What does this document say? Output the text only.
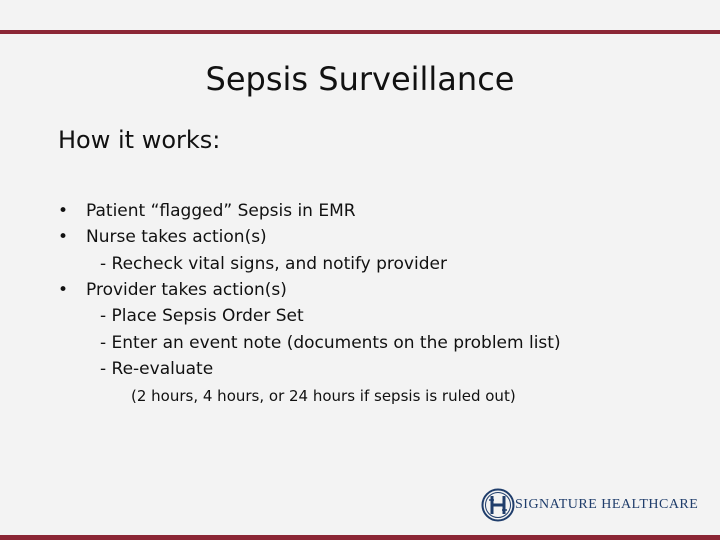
Sepsis Surveillance
How it works:
• Patient “flagged” Sepsis in EMR
• Nurse takes action(s)
- Recheck vital signs, and notify provider
• Provider takes action(s)
- Place Sepsis Order Set
- Enter an event note (documents on the problem list)
- Re-evaluate
(2 hours, 4 hours, or 24 hours if sepsis is ruled out)
SIGNATURE HEALTHCARE
